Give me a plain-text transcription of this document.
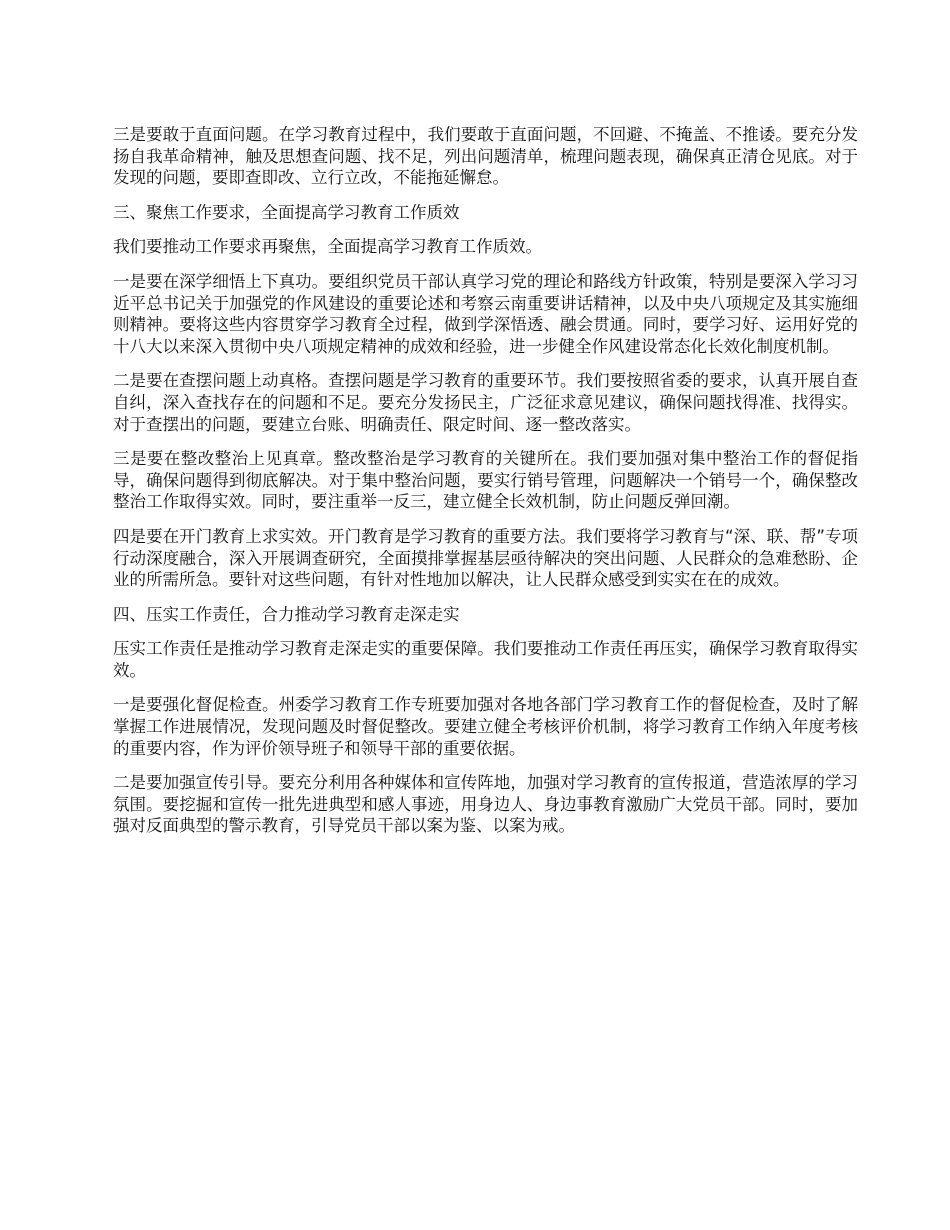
三是要敢于直面问题。在学习教育过程中，我们要敢于直面问题，不回避、不掩盖、不推诿。要充分发扬自我革命精神，触及思想查问题、找不足，列出问题清单，梳理问题表现，确保真正清仓见底。对于发现的问题，要即查即改、立行立改，不能拖延懈怠。

三、聚焦工作要求，全面提高学习教育工作质效

我们要推动工作要求再聚焦，全面提高学习教育工作质效。

一是要在深学细悟上下真功。要组织党员干部认真学习党的理论和路线方针政策，特别是要深入学习习近平总书记关于加强党的作风建设的重要论述和考察云南重要讲话精神，以及中央八项规定及其实施细则精神。要将这些内容贯穿学习教育全过程，做到学深悟透、融会贯通。同时，要学习好、运用好党的十八大以来深入贯彻中央八项规定精神的成效和经验，进一步健全作风建设常态化长效化制度机制。

二是要在查摆问题上动真格。查摆问题是学习教育的重要环节。我们要按照省委的要求，认真开展自查自纠，深入查找存在的问题和不足。要充分发扬民主，广泛征求意见建议，确保问题找得准、找得实。对于查摆出的问题，要建立台账、明确责任、限定时间、逐一整改落实。

三是要在整改整治上见真章。整改整治是学习教育的关键所在。我们要加强对集中整治工作的督促指导，确保问题得到彻底解决。对于集中整治问题，要实行销号管理，问题解决一个销号一个，确保整改整治工作取得实效。同时，要注重举一反三，建立健全长效机制，防止问题反弹回潮。

四是要在开门教育上求实效。开门教育是学习教育的重要方法。我们要将学习教育与“深、联、帮”专项行动深度融合，深入开展调查研究，全面摸排掌握基层亟待解决的突出问题、人民群众的急难愁盼、企业的所需所急。要针对这些问题，有针对性地加以解决，让人民群众感受到实实在在的成效。

四、压实工作责任，合力推动学习教育走深走实

压实工作责任是推动学习教育走深走实的重要保障。我们要推动工作责任再压实，确保学习教育取得实效。

一是要强化督促检查。州委学习教育工作专班要加强对各地各部门学习教育工作的督促检查，及时了解掌握工作进展情况，发现问题及时督促整改。要建立健全考核评价机制，将学习教育工作纳入年度考核的重要内容，作为评价领导班子和领导干部的重要依据。

二是要加强宣传引导。要充分利用各种媒体和宣传阵地，加强对学习教育的宣传报道，营造浓厚的学习氛围。要挖掘和宣传一批先进典型和感人事迹，用身边人、身边事教育激励广大党员干部。同时，要加强对反面典型的警示教育，引导党员干部以案为鉴、以案为戒。
